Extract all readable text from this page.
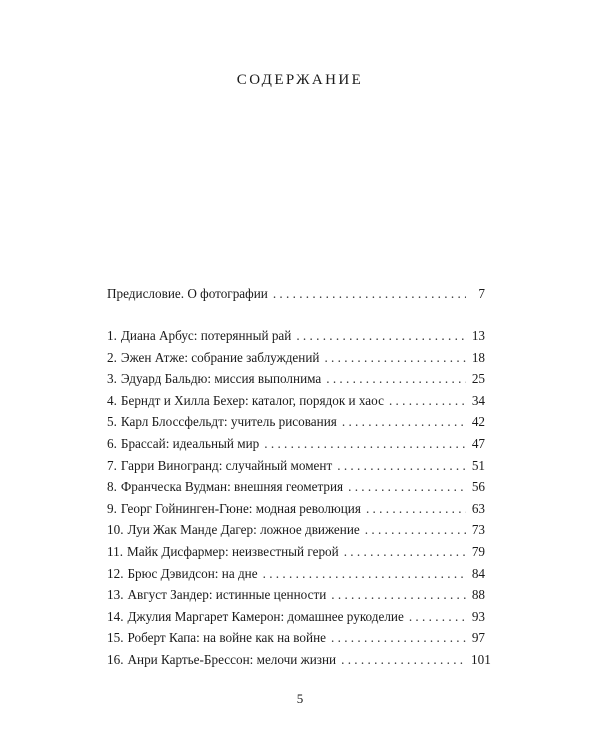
СОДЕРЖАНИЕ
Предисловие. О фотографии . . .	7
1. Диана Арбус: потерянный рай . . .	13
2. Эжен Атже: собрание заблуждений . . .	18
3. Эдуард Бальдю: миссия выполнима . . .	25
4. Берндт и Хилла Бехер: каталог, порядок и хаос . . .	34
5. Карл Блоссфельдт: учитель рисования . . .	42
6. Брассай: идеальный мир . . .	47
7. Гарри Виногранд: случайный момент . . .	51
8. Франческа Вудман: внешняя геометрия . . .	56
9. Георг Гойнинген-Гюне: модная революция . . .	63
10. Луи Жак Манде Дагер: ложное движение . . .	73
11. Майк Дисфармер: неизвестный герой . . .	79
12. Брюс Дэвидсон: на дне . . .	84
13. Август Зандер: истинные ценности . . .	88
14. Джулия Маргарет Камерон: домашнее рукоделие . . .	93
15. Роберт Капа: на войне как на войне . . .	97
16. Анри Картье-Брессон: мелочи жизни . . .	101
5
